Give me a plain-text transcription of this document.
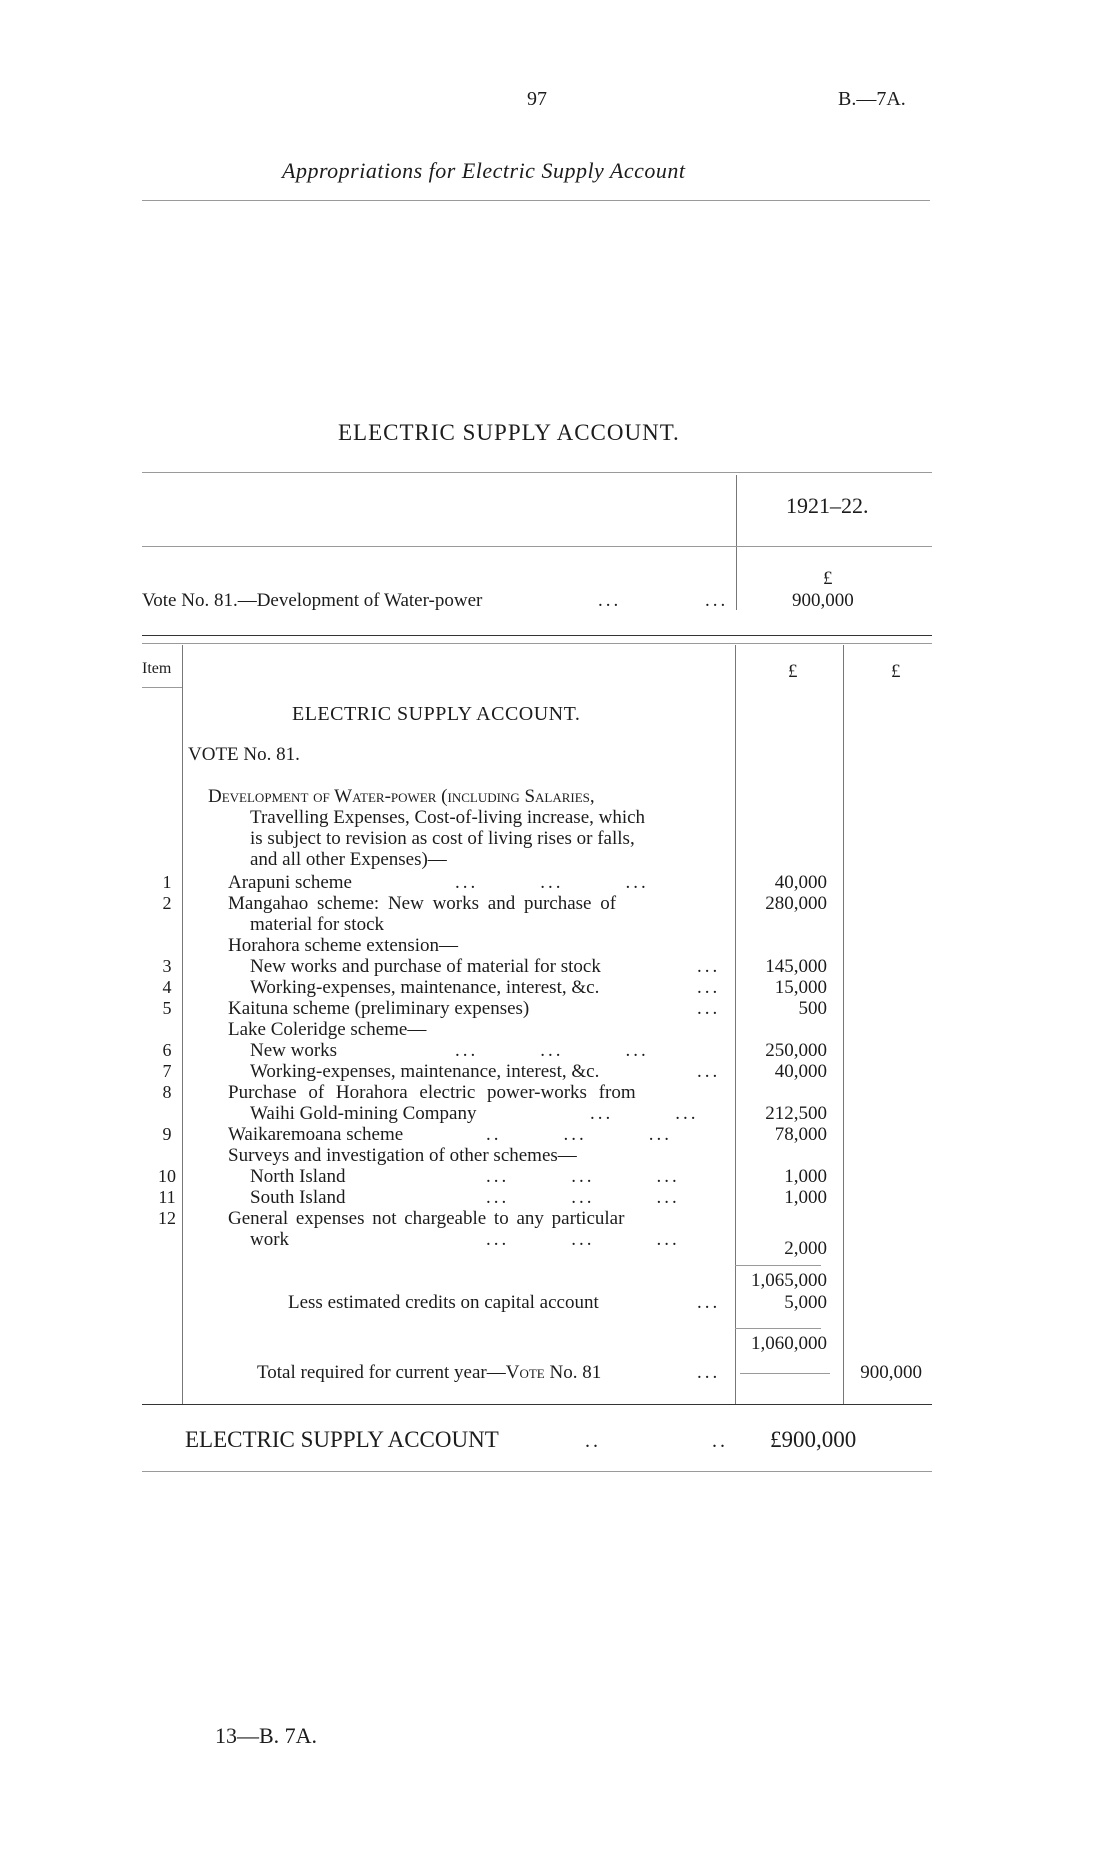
97	B.—7A.
Appropriations for Electric Supply Account
ELECTRIC SUPPLY ACCOUNT.
1921–22.
£
Vote No. 81.—Development of Water-power	...	...	900,000
Item	£	£
ELECTRIC SUPPLY ACCOUNT.
VOTE No. 81.
Development of Water-power (including Salaries,
Travelling Expenses, Cost-of-living increase, which
is subject to revision as cost of living rises or falls,
and all other Expenses)—
1	Arapuni scheme	...        ...        ...	40,000
2	Mangahao scheme: New works and purchase of	280,000
material for stock
Horahora scheme extension—
3	New works and purchase of material for stock	...	145,000
4	Working-expenses, maintenance, interest, &c.	...	15,000
5	Kaituna scheme (preliminary expenses)	...	500
Lake Coleridge scheme—
6	New works	...        ...        ...	250,000
7	Working-expenses, maintenance, interest, &c.	...	40,000
8	Purchase of Horahora electric power-works from
Waihi Gold-mining Company	...        ...	212,500
9	Waikaremoana scheme	..        ...        ...	78,000
Surveys and investigation of other schemes—
10	North Island	...        ...        ...	1,000
11	South Island	...        ...        ...	1,000
12	General expenses not chargeable to any particular
work	...        ...        ...	2,000
1,065,000
Less estimated credits on capital account	...	5,000
1,060,000
Total required for current year—Vote No. 81	...	900,000
ELECTRIC SUPPLY ACCOUNT	..	.. £900,000
13—B. 7A.
